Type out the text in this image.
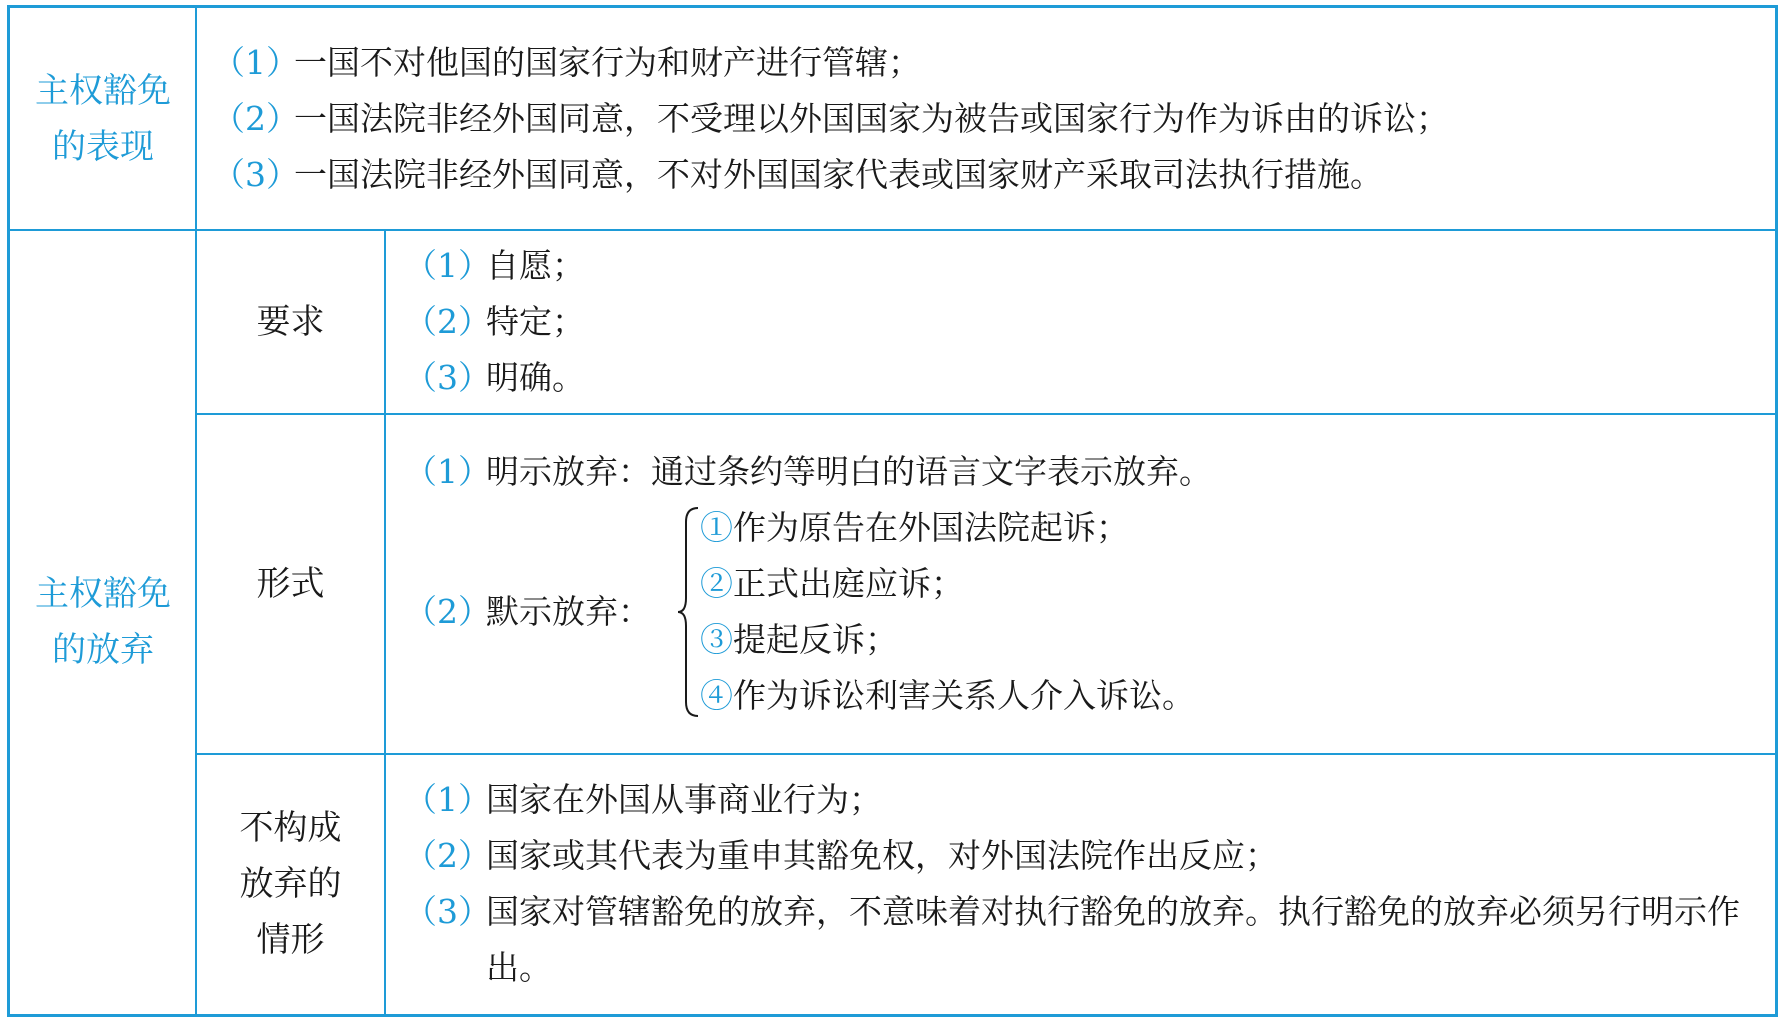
主权豁免
的表现
（1）一国不对他国的国家行为和财产进行管辖；
（2）一国法院非经外国同意，不受理以外国国家为被告或国家行为作为诉由的诉讼；
（3）一国法院非经外国同意，不对外国国家代表或国家财产采取司法执行措施。
主权豁免
的放弃
要求
（1）自愿；
（2）特定；
（3）明确。
形式
（1）明示放弃：通过条约等明白的语言文字表示放弃。
（2）默示放弃：
①作为原告在外国法院起诉；
②正式出庭应诉；
③提起反诉；
④作为诉讼利害关系人介入诉讼。
不构成
放弃的
情形
（1）国家在外国从事商业行为；
（2）国家或其代表为重申其豁免权，对外国法院作出反应；
（3）国家对管辖豁免的放弃，不意味着对执行豁免的放弃。执行豁免的放弃必须另行明示作出。
